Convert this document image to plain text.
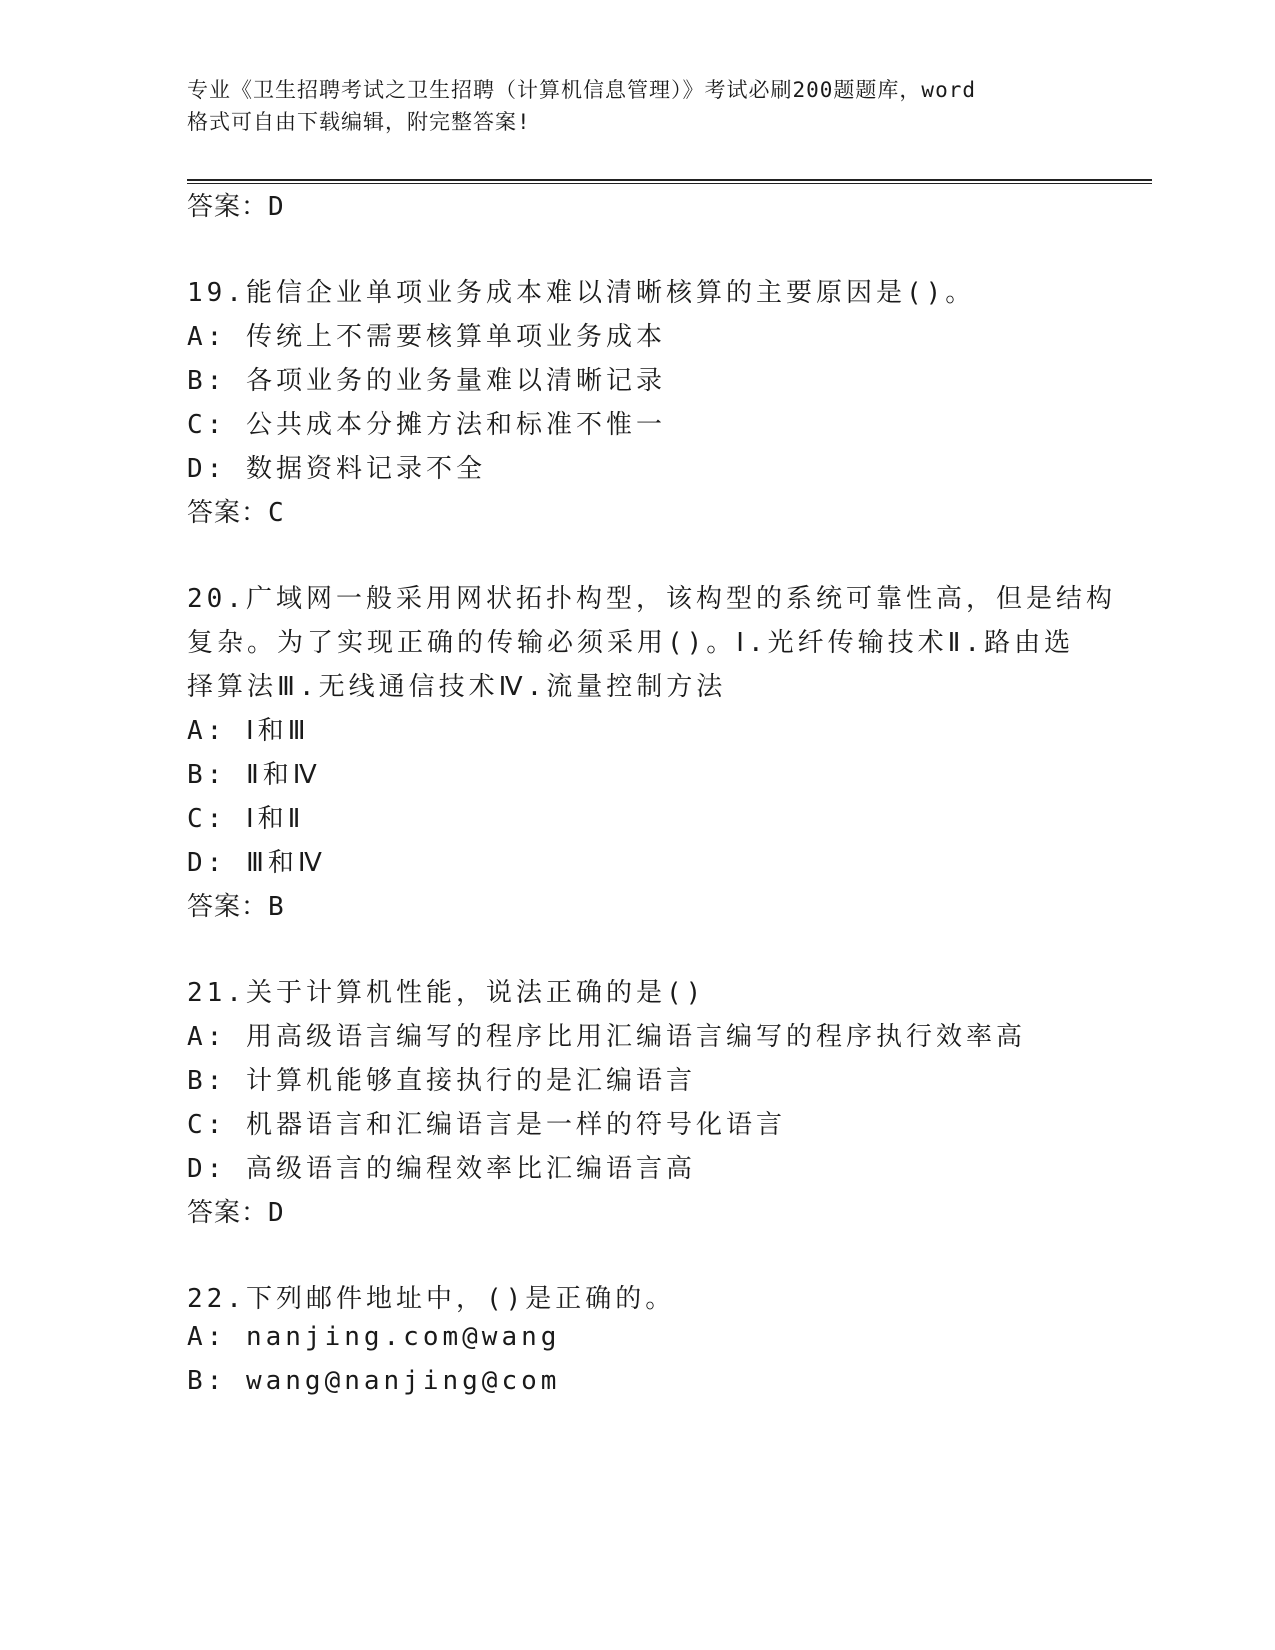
专业《卫生招聘考试之卫生招聘（计算机信息管理）》考试必刷200题题库，word
格式可自由下载编辑，附完整答案!
答案：D
19.能信企业单项业务成本难以清晰核算的主要原因是()。
A: 传统上不需要核算单项业务成本
B: 各项业务的业务量难以清晰记录
C: 公共成本分摊方法和标准不惟一
D: 数据资料记录不全
答案：C
20.广域网一般采用网状拓扑构型，该构型的系统可靠性高，但是结构
复杂。为了实现正确的传输必须采用()。Ⅰ.光纤传输技术Ⅱ.路由选
择算法Ⅲ.无线通信技术Ⅳ.流量控制方法
A: Ⅰ和Ⅲ
B: Ⅱ和Ⅳ
C: Ⅰ和Ⅱ
D: Ⅲ和Ⅳ
答案：B
21.关于计算机性能，说法正确的是()
A: 用高级语言编写的程序比用汇编语言编写的程序执行效率高
B: 计算机能够直接执行的是汇编语言
C: 机器语言和汇编语言是一样的符号化语言
D: 高级语言的编程效率比汇编语言高
答案：D
22.下列邮件地址中，()是正确的。
A: nanjing.com@wang
B: wang@nanjing@com
